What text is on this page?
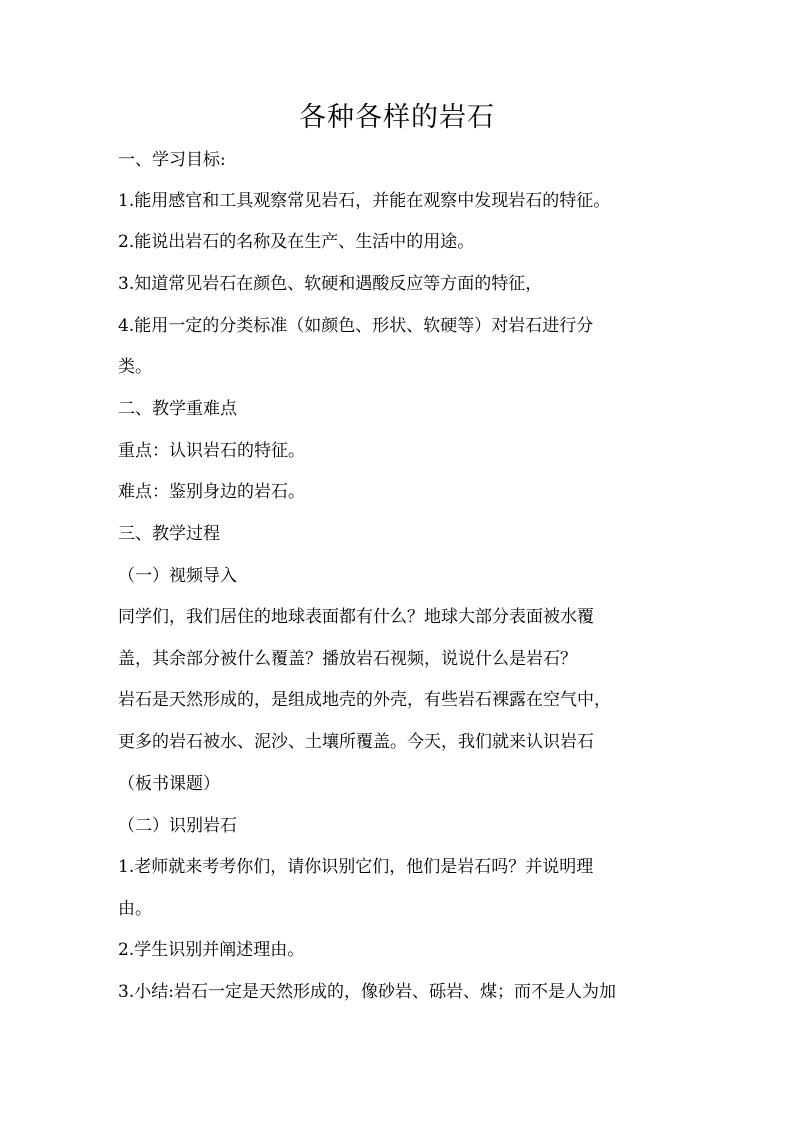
各种各样的岩石
一、学习目标:
1.能用感官和工具观察常见岩石，并能在观察中发现岩石的特征。
2.能说出岩石的名称及在生产、生活中的用途。
3.知道常见岩石在颜色、软硬和遇酸反应等方面的特征，
4.能用一定的分类标准（如颜色、形状、软硬等）对岩石进行分
类。
二、教学重难点
重点：认识岩石的特征。
难点：鉴别身边的岩石。
三、教学过程
（一）视频导入
同学们，我们居住的地球表面都有什么？地球大部分表面被水覆
盖，其余部分被什么覆盖？播放岩石视频，说说什么是岩石？
岩石是天然形成的，是组成地壳的外壳，有些岩石裸露在空气中，
更多的岩石被水、泥沙、土壤所覆盖。今天，我们就来认识岩石
（板书课题）
（二）识别岩石
1.老师就来考考你们，请你识别它们，他们是岩石吗？并说明理
由。
2.学生识别并阐述理由。
3.小结:岩石一定是天然形成的，像砂岩、砾岩、煤；而不是人为加
